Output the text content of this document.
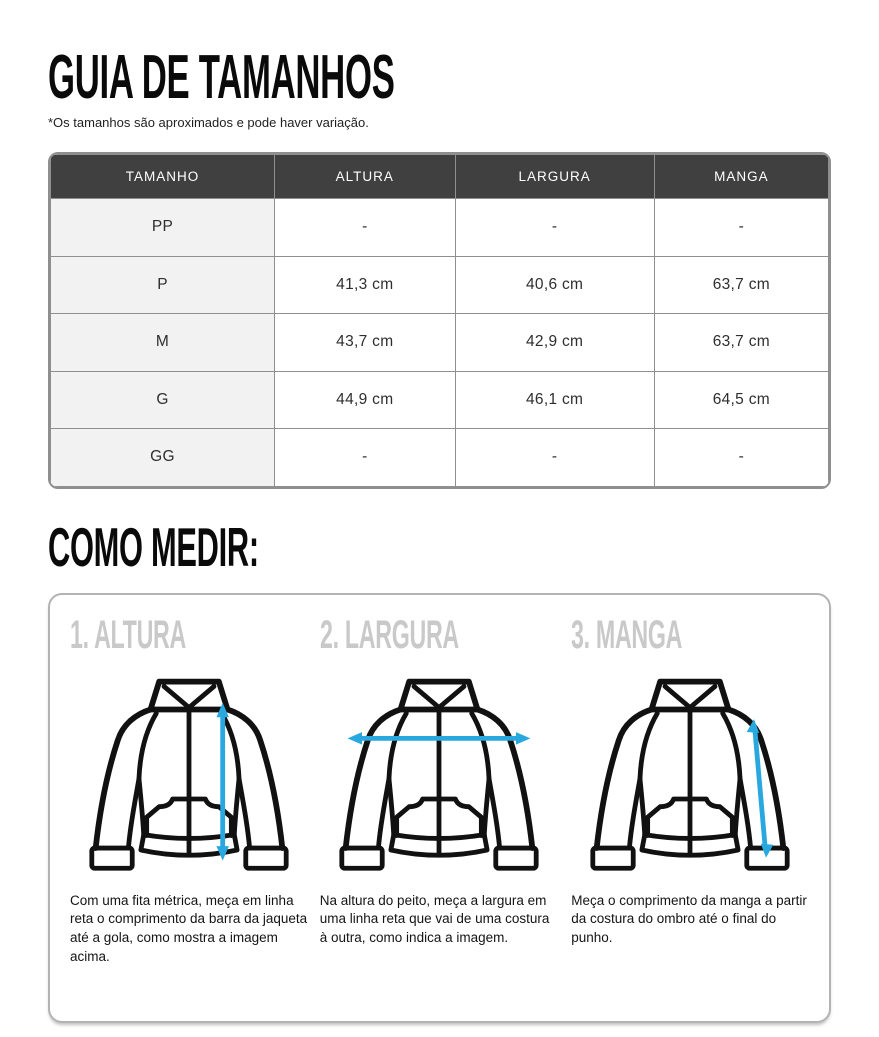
GUIA DE TAMANHOS
*Os tamanhos são aproximados e pode haver variação.
TAMANHO	ALTURA	LARGURA	MANGA
PP	-	-	-
P	41,3 cm	40,6 cm	63,7 cm
M	43,7 cm	42,9 cm	63,7 cm
G	44,9 cm	46,1 cm	64,5 cm
GG	-	-	-
COMO MEDIR:
1. ALTURA

Com uma fita métrica, meça em linha reta o comprimento da barra da jaqueta até a gola, como mostra a imagem acima.

2. LARGURA

Na altura do peito, meça a largura em uma linha reta que vai de uma costura à outra, como indica a imagem.

3. MANGA

Meça o comprimento da manga a partir da costura do ombro até o final do punho.
